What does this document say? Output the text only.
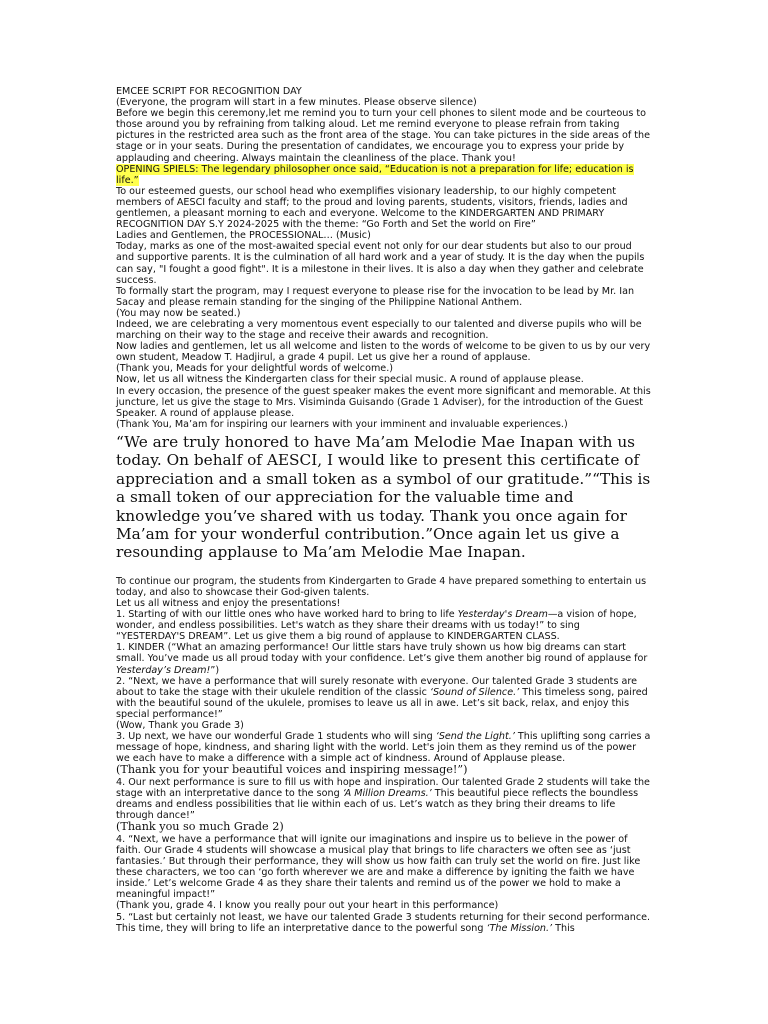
EMCEE SCRIPT FOR RECOGNITION DAY

(Everyone, the program will start in a few minutes. Please observe silence)

Before we begin this ceremony,let me remind you to turn your cell phones to silent mode and be courteous to those around you by refraining from talking aloud. Let me remind everyone to please refrain from taking pictures in the restricted area such as the front area of the stage. You can take pictures in the side areas of the stage or in your seats. During the presentation of candidates, we encourage you to express your pride by applauding and cheering. Always maintain the cleanliness of the place. Thank you!

OPENING SPIELS: The legendary philosopher once said, “Education is not a preparation for life; education is life.”

To our esteemed guests, our school head who exemplifies visionary leadership, to our highly competent members of AESCI faculty and staff; to the proud and loving parents, students, visitors, friends, ladies and gentlemen, a pleasant morning to each and everyone. Welcome to the KINDERGARTEN AND PRIMARY RECOGNITION DAY S.Y 2024-2025 with the theme: “Go Forth and Set the world on Fire”

Ladies and Gentlemen, the PROCESSIONAL… (Music)

Today, marks as one of the most-awaited special event not only for our dear students but also to our proud and supportive parents. It is the culmination of all hard work and a year of study. It is the day when the pupils can say, "I fought a good fight". It is a milestone in their lives. It is also a day when they gather and celebrate success.

To formally start the program, may I request everyone to please rise for the invocation to be lead by Mr. Ian Sacay and please remain standing for the singing of the Philippine National Anthem.

(You may now be seated.)

Indeed, we are celebrating a very momentous event especially to our talented and diverse pupils who will be marching on their way to the stage and receive their awards and recognition.

Now ladies and gentlemen, let us all welcome and listen to the words of welcome to be given to us by our very own student, Meadow T. Hadjirul, a grade 4 pupil. Let us give her a round of applause.

(Thank you, Meads for your delightful words of welcome.)

Now, let us all witness the Kindergarten class for their special music. A round of applause please.

In every occasion, the presence of the guest speaker makes the event more significant and memorable. At this juncture, let us give the stage to Mrs. Visiminda Guisando (Grade 1 Adviser), for the introduction of the Guest Speaker. A round of applause please.

(Thank You, Ma’am for inspiring our learners with your imminent and invaluable experiences.)

“We are truly honored to have Ma’am Melodie Mae Inapan with us today. On behalf of AESCI, I would like to present this certificate of appreciation and a small token as a symbol of our gratitude.”“This is a small token of our appreciation for the valuable time and knowledge you’ve shared with us today. Thank you once again for Ma’am for your wonderful contribution.”Once again let us give a resounding applause to Ma’am Melodie Mae Inapan.

To continue our program, the students from Kindergarten to Grade 4 have prepared something to entertain us today, and also to showcase their God-given talents.

Let us all witness and enjoy the presentations!

1. Starting of with our little ones who have worked hard to bring to life Yesterday's Dream—a vision of hope, wonder, and endless possibilities. Let's watch as they share their dreams with us today!” to sing “YESTERDAY'S DREAM”. Let us give them a big round of applause to KINDERGARTEN CLASS.

1. KINDER (“What an amazing performance! Our little stars have truly shown us how big dreams can start small. You’ve made us all proud today with your confidence. Let’s give them another big round of applause for Yesterday’s Dream!”)

2. “Next, we have a performance that will surely resonate with everyone. Our talented Grade 3 students are about to take the stage with their ukulele rendition of the classic ‘Sound of Silence.’ This timeless song, paired with the beautiful sound of the ukulele, promises to leave us all in awe. Let’s sit back, relax, and enjoy this special performance!”

(Wow, Thank you Grade 3)

3. Up next, we have our wonderful Grade 1 students who will sing ‘Send the Light.’ This uplifting song carries a message of hope, kindness, and sharing light with the world. Let's join them as they remind us of the power we each have to make a difference with a simple act of kindness. Around of Applause please.

(Thank you for your beautiful voices and inspiring message!”)

4. Our next performance is sure to fill us with hope and inspiration. Our talented Grade 2 students will take the stage with an interpretative dance to the song ‘A Million Dreams.’ This beautiful piece reflects the boundless dreams and endless possibilities that lie within each of us. Let’s watch as they bring their dreams to life through dance!”

(Thank you so much Grade 2)

4. “Next, we have a performance that will ignite our imaginations and inspire us to believe in the power of faith. Our Grade 4 students will showcase a musical play that brings to life characters we often see as ‘just fantasies.’ But through their performance, they will show us how faith can truly set the world on fire. Just like these characters, we too can ‘go forth wherever we are and make a difference by igniting the faith we have inside.’ Let’s welcome Grade 4 as they share their talents and remind us of the power we hold to make a meaningful impact!”

(Thank you, grade 4. I know you really pour out your heart in this performance)

5. “Last but certainly not least, we have our talented Grade 3 students returning for their second performance. This time, they will bring to life an interpretative dance to the powerful song ‘The Mission.’ This
